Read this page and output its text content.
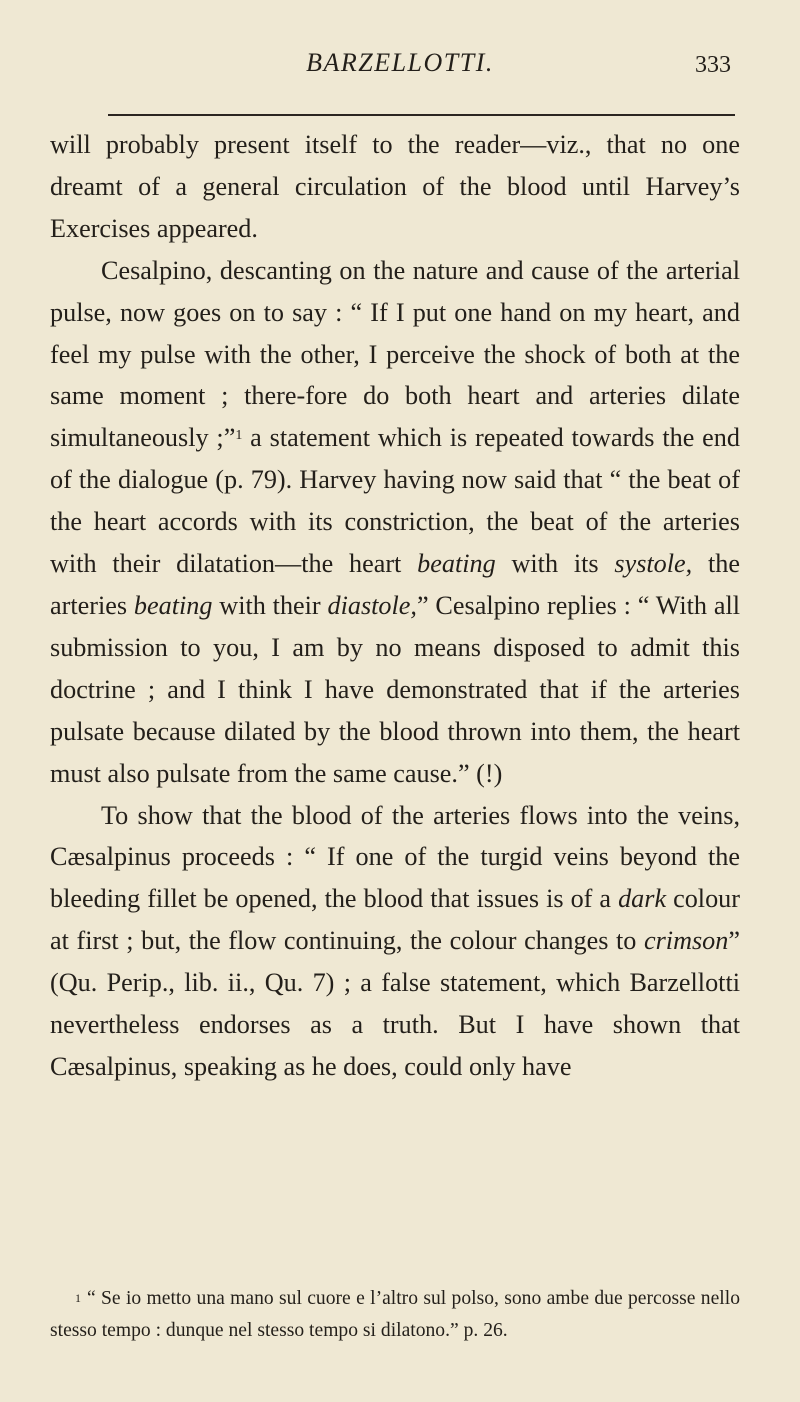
BARZELLOTTI.	333

will probably present itself to the reader—viz., that no one dreamt of a general circulation of the blood until Harvey’s Exercises appeared.

Cesalpino, descanting on the nature and cause of the arterial pulse, now goes on to say : “ If I put one hand on my heart, and feel my pulse with the other, I perceive the shock of both at the same moment ; there-fore do both heart and arteries dilate simultaneously ;”$^1$ a statement which is repeated towards the end of the dialogue (p. 79). Harvey having now said that “ the beat of the heart accords with its constriction, the beat of the arteries with their dilatation—the heart beating with its systole, the arteries beating with their diastole,” Cesalpino replies : “ With all submission to you, I am by no means disposed to admit this doctrine ; and I think I have demonstrated that if the arteries pulsate because dilated by the blood thrown into them, the heart must also pulsate from the same cause.” (!)

To show that the blood of the arteries flows into the veins, Cæsalpinus proceeds : “ If one of the turgid veins beyond the bleeding fillet be opened, the blood that issues is of a dark colour at first ; but, the flow continuing, the colour changes to crimson” (Qu. Perip., lib. ii., Qu. 7) ; a false statement, which Barzellotti nevertheless endorses as a truth. But I have shown that Cæsalpinus, speaking as he does, could only have

$^1$ “ Se io metto una mano sul cuore e l’altro sul polso, sono ambe due percosse nello stesso tempo : dunque nel stesso tempo si dilatono.” p. 26.
